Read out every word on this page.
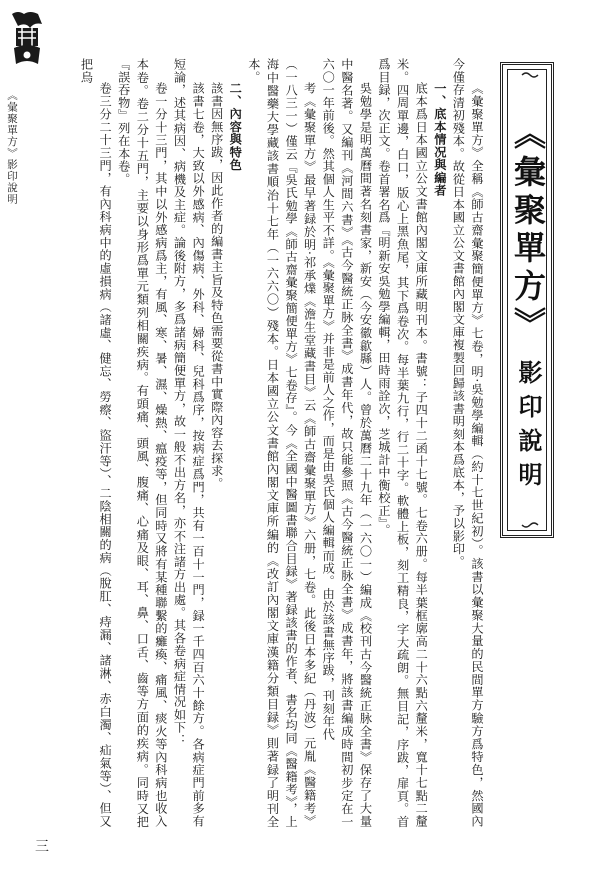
《彙聚單方》影印說明
三
《彙聚單方》
影印說明

《彙聚單方》全稱《師古齋彙聚簡便單方》七卷，明·吳勉學編輯（約十七世紀初）。該書以彙聚大量的民間單方驗方爲特色，然國內今僅存清初殘本。故從日本國立公文書館內閣文庫複製回歸該書明刻本爲底本，予以影印。

一、底本情况與編者

底本爲日本國立公文書館內閣文庫所藏明刊本。書號：子四十二函十七號。七卷六册。每半葉框廓高二十六點六釐米，寬十七點二釐米。四周單邊，白口，版心上黑魚尾，其下爲卷次。每半葉九行，行二十字。軟體上板，刻工精良，字大疏朗。無目記，序跋，扉頁。首爲目録，次正文。卷首署名爲『明新安吳勉學編輯，田時雨詮次，芝城計中衡校正』。

吳勉學是明萬曆間著名刻書家，新安（今安徽歙縣）人。曾於萬曆二十九年（一六〇一）編成《校刊古今醫統正脉全書》保存了大量中醫名著。又編刊《河間六書》《古今醫統正脉全書》成書年代，故只能參照《古今醫統正脉全書》成書年，將該書編成時間初步定在一六〇一年前後。然其個人生平不詳。《彙聚單方》并非是前人之作，而是由吳氏個人編輯而成。由於該書無序跋，刊刻年代

考《彙聚單方》最早著録於明·祁承㸁《澹生堂藏書目》云《師古齋彙聚單方》六册，七卷。此後日本多紀（丹波）元胤《醫籍考》（一八三一）僅云『吳氏勉學《師古齋彙聚簡便單方》七卷存』。今《全國中醫圖書聯合目録》著録該書的作者、書名均同《醫籍考》，上海中醫藥大學藏該書順治十七年（一六六〇）殘本。日本國立公文書館內閣文庫所編的《改訂內閣文庫漢籍分類目録》則著録了明刊全本。

二、內容與特色

該書因無序跋，因此作者的編書主旨及特色需要從書中實際內容去探求。

該書七卷，大致以外感病、內傷病、外科、婦科、兒科爲序，按病症爲門，共有一百十一門，録一千四百六十餘方。各病症門前多有短論，述其病因、病機及主症。論後附方，多爲諸病簡便單方，故一般不出方名，亦不注諸方出處。其各卷病症情况如下：

卷一分十三門，其中以外感病爲主，有風、寒、暑、濕、燥熱、瘟疫等，但同時又將有某種聯繫的癱瘓、痛風、痰火等內科病也收入本卷。卷二分十五門，主要以身形爲單元類列相關疾病。有頭痛、頭風、腹痛、心痛及眼、耳、鼻、口舌、齒等方面的疾病。同時又把『誤吞物』列在本卷。

卷三分二十三門，有內科病中的虛損病（諸虛、健忘、勞瘵、盜汗等）、二陰相關的病（脫肛、痔漏、諸淋、赤白濁、疝氣等）、但又把烏
